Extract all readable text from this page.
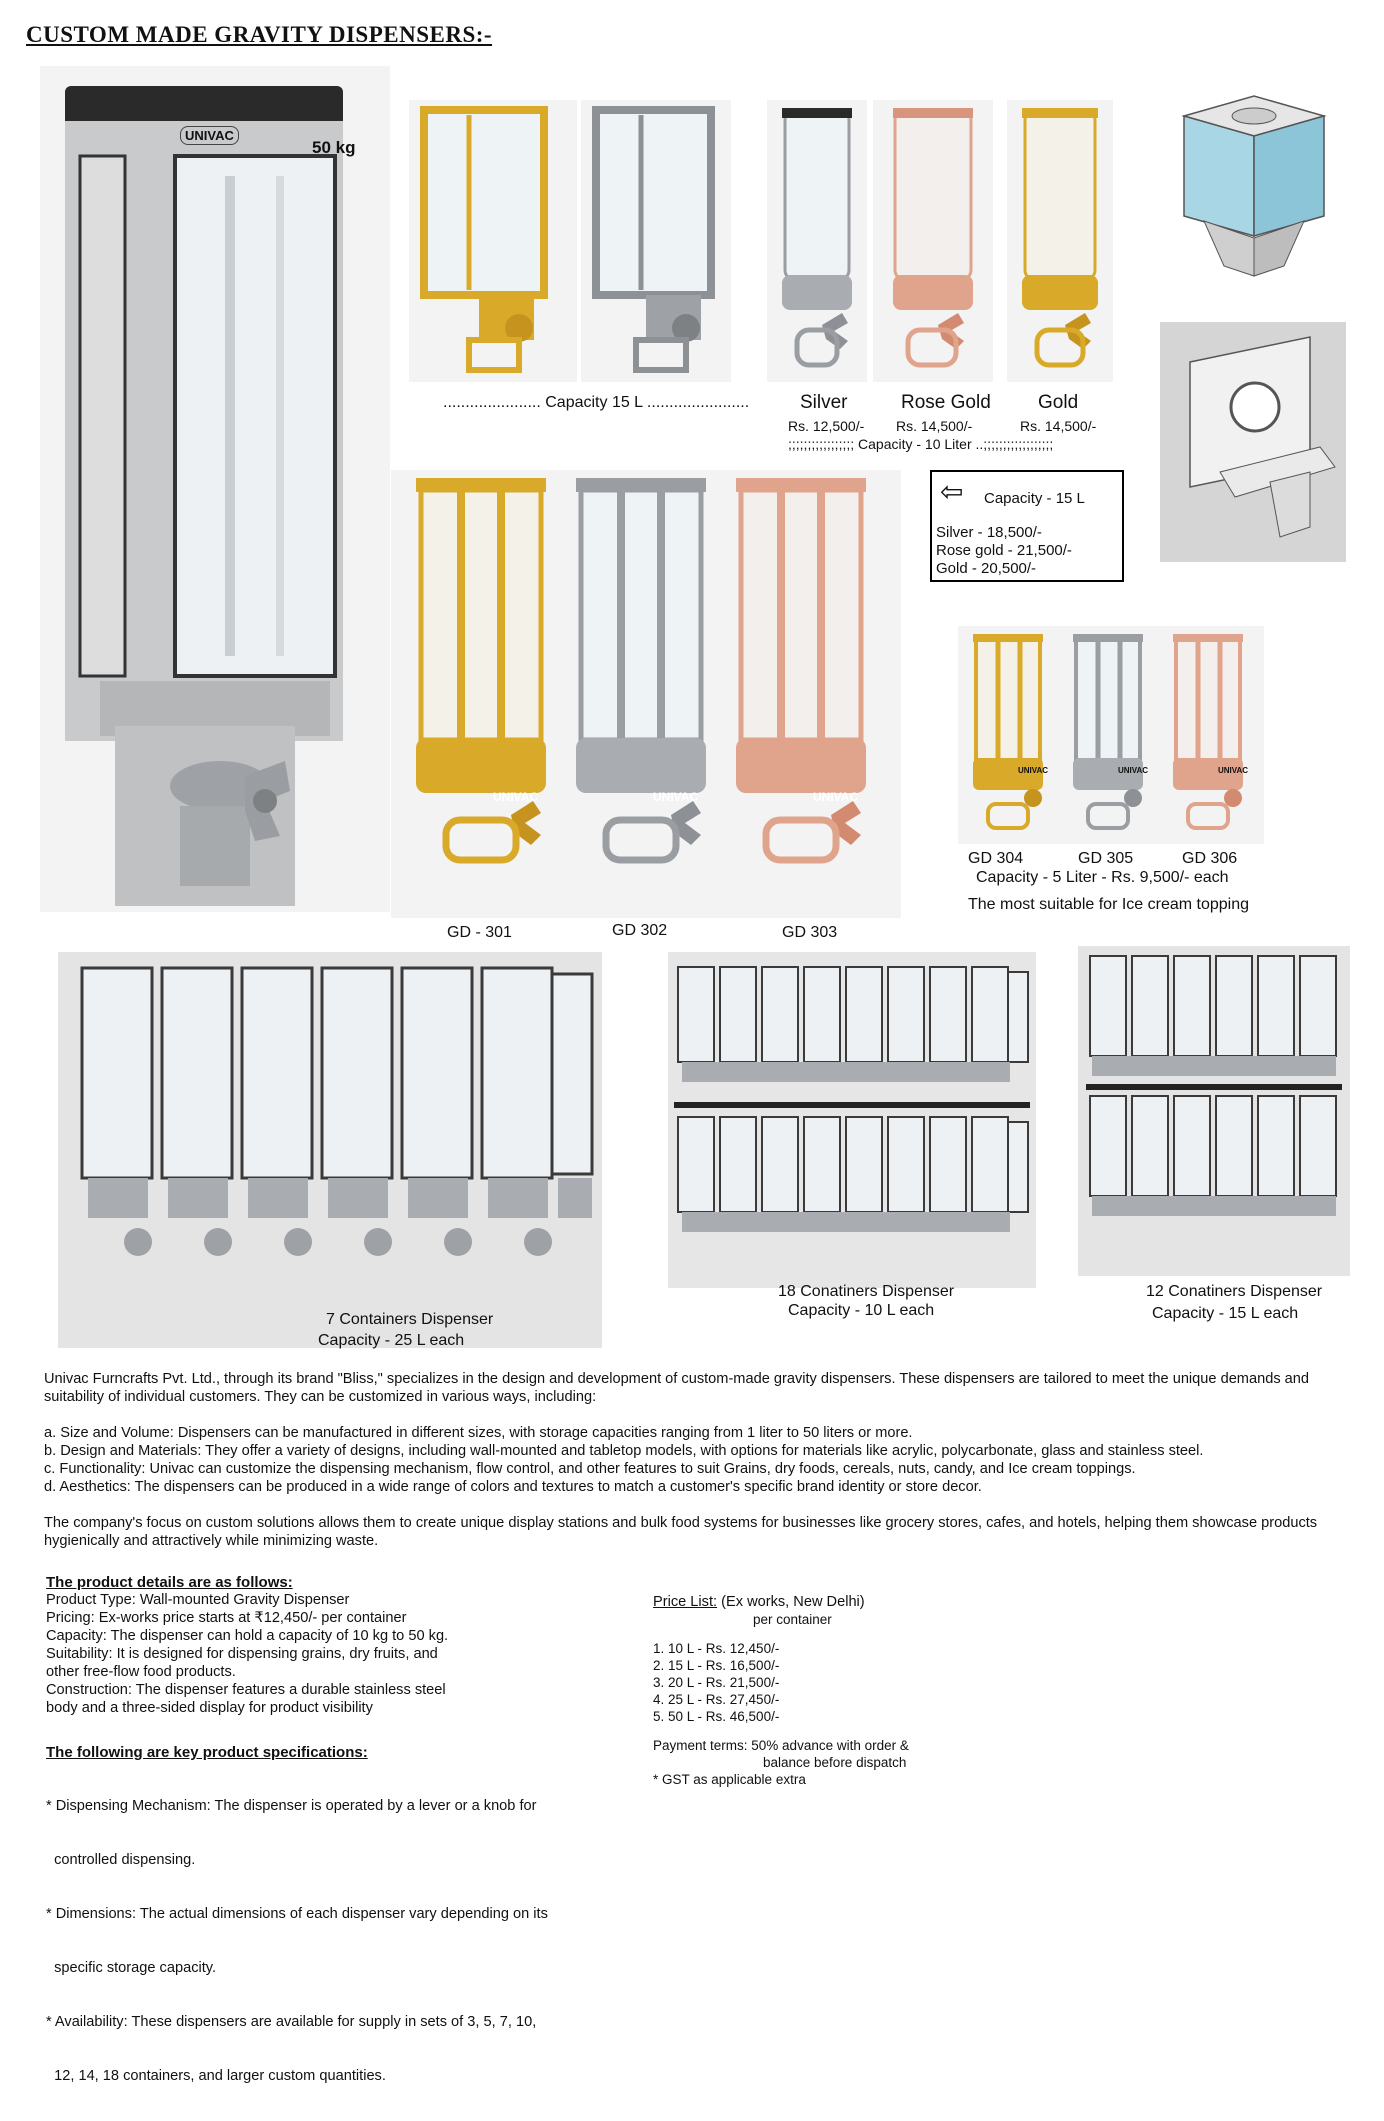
CUSTOM MADE GRAVITY DISPENSERS:-
UNIVAC
50 kg
...................... Capacity 15 L .......................	Silver	Rose Gold Gold
Rs. 12,500/- Rs. 14,500/-	Rs. 14,500/-
;;;;;;;;;;;;;;;;; Capacity - 10 Liter ..;;;;;;;;;;;;;;;;;;
⇦ Capacity - 15 L
Silver - 18,500/-
Rose gold - 21,500/-
Gold - 20,500/-
UNIVAC	UNIVAC	UNIVAC
GD - 301	GD 302	GD 303
UNIVAC	UNIVAC	UNIVAC
GD 304	GD 305	GD 306
Capacity - 5 Liter - Rs. 9,500/- each
The most suitable for Ice cream topping
7 Containers Dispenser
Capacity - 25 L each
18 Conatiners Dispenser
Capacity - 10 L each
12 Conatiners Dispenser
Capacity - 15 L each
Univac Furncrafts Pvt. Ltd., through its brand "Bliss," specializes in the design and development of custom-made gravity dispensers. These dispensers are tailored to meet the unique demands and suitability of individual customers. They can be customized in various ways, including:

a. Size and Volume: Dispensers can be manufactured in different sizes, with storage capacities ranging from 1 liter to 50 liters or more.

b. Design and Materials: They offer a variety of designs, including wall-mounted and tabletop models, with options for materials like acrylic, polycarbonate, glass and stainless steel.

c. Functionality: Univac can customize the dispensing mechanism, flow control, and other features to suit Grains, dry foods, cereals, nuts, candy, and Ice cream toppings.

d. Aesthetics: The dispensers can be produced in a wide range of colors and textures to match a customer's specific brand identity or store decor.

The company's focus on custom solutions allows them to create unique display stations and bulk food systems for businesses like grocery stores, cafes, and hotels, helping them showcase products hygienically and attractively while minimizing waste.
The product details are as follows:
Product Type: Wall-mounted Gravity Dispenser
Pricing: Ex-works price starts at ₹12,450/- per container
Capacity: The dispenser can hold a capacity of 10 kg to 50 kg.
Suitability: It is designed for dispensing grains, dry fruits, and
other free-flow food products.
Construction: The dispenser features a durable stainless steel
body and a three-sided display for product visibility
The following are key product specifications:

* Dispensing Mechanism: The dispenser is operated by a lever or a knob for

controlled dispensing.

* Dimensions: The actual dimensions of each dispenser vary depending on its

specific storage capacity.

* Availability: These dispensers are available for supply in sets of 3, 5, 7, 10,

12, 14, 18 containers, and larger custom quantities.

Price List: (Ex works, New Delhi)
per container
1. 10 L - Rs. 12,450/-
2. 15 L - Rs. 16,500/-
3. 20 L - Rs. 21,500/-
4. 25 L - Rs. 27,450/-
5. 50 L - Rs. 46,500/-
Payment terms: 50% advance with order &
balance before dispatch
* GST as applicable extra
